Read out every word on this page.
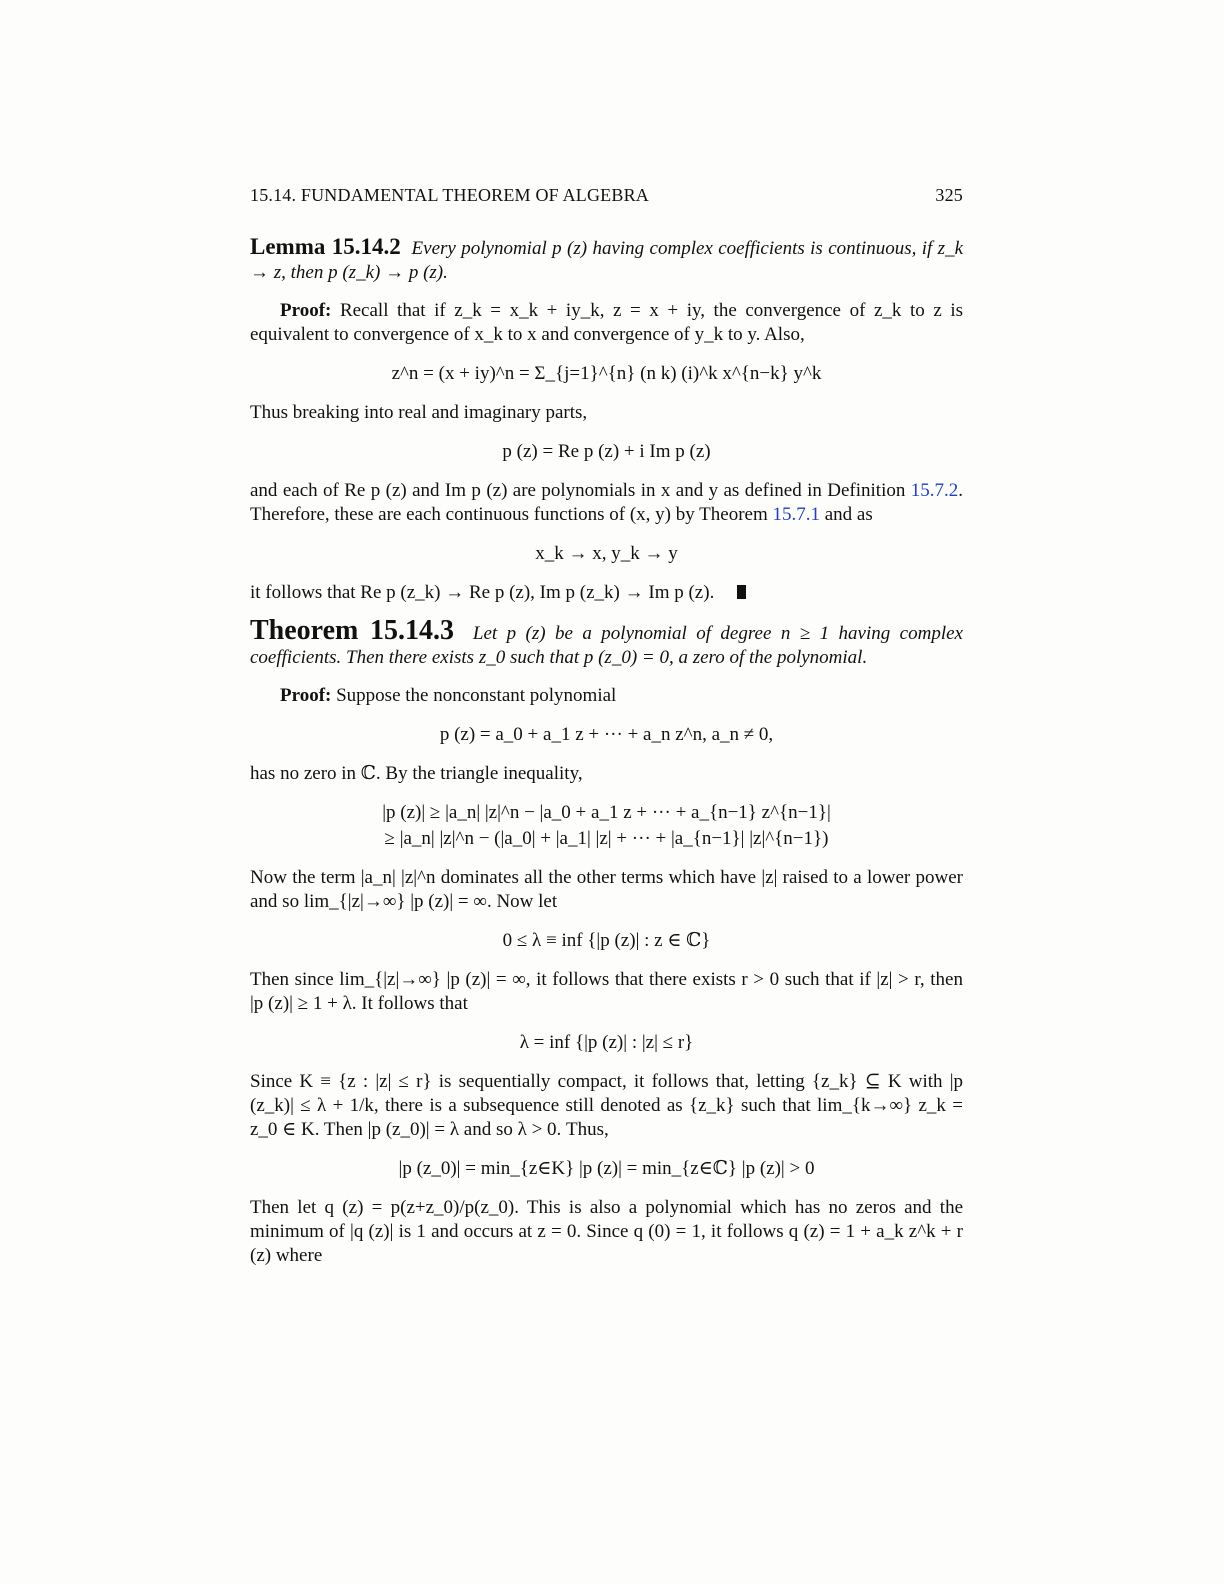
15.14. FUNDAMENTAL THEOREM OF ALGEBRA	325

Lemma 15.14.2 Every polynomial p (z) having complex coefficients is continuous, if z_k → z, then p (z_k) → p (z).

Proof: Recall that if z_k = x_k + iy_k, z = x + iy, the convergence of z_k to z is equivalent to convergence of x_k to x and convergence of y_k to y. Also,

z^n = (x + iy)^n = Σ_{j=1}^{n} (n k) (i)^k x^{n−k} y^k

Thus breaking into real and imaginary parts,

p (z) = Re p (z) + i Im p (z)

and each of Re p (z) and Im p (z) are polynomials in x and y as defined in Definition 15.7.2. Therefore, these are each continuous functions of (x, y) by Theorem 15.7.1 and as

x_k → x, y_k → y

it follows that Re p (z_k) → Re p (z), Im p (z_k) → Im p (z).

Theorem 15.14.3 Let p (z) be a polynomial of degree n ≥ 1 having complex coefficients. Then there exists z_0 such that p (z_0) = 0, a zero of the polynomial.

Proof: Suppose the nonconstant polynomial

p (z) = a_0 + a_1 z + ··· + a_n z^n, a_n ≠ 0,

has no zero in ℂ. By the triangle inequality,

|p (z)| ≥ |a_n| |z|^n − |a_0 + a_1 z + ··· + a_{n−1} z^{n−1}|
≥ |a_n| |z|^n − (|a_0| + |a_1| |z| + ··· + |a_{n−1}| |z|^{n−1})

Now the term |a_n| |z|^n dominates all the other terms which have |z| raised to a lower power and so lim_{|z|→∞} |p (z)| = ∞. Now let

0 ≤ λ ≡ inf {|p (z)| : z ∈ ℂ}

Then since lim_{|z|→∞} |p (z)| = ∞, it follows that there exists r > 0 such that if |z| > r, then |p (z)| ≥ 1 + λ. It follows that

λ = inf {|p (z)| : |z| ≤ r}

Since K ≡ {z : |z| ≤ r} is sequentially compact, it follows that, letting {z_k} ⊆ K with |p (z_k)| ≤ λ + 1/k, there is a subsequence still denoted as {z_k} such that lim_{k→∞} z_k = z_0 ∈ K. Then |p (z_0)| = λ and so λ > 0. Thus,

|p (z_0)| = min_{z∈K} |p (z)| = min_{z∈ℂ} |p (z)| > 0

Then let q (z) = p(z+z_0)/p(z_0). This is also a polynomial which has no zeros and the minimum of |q (z)| is 1 and occurs at z = 0. Since q (0) = 1, it follows q (z) = 1 + a_k z^k + r (z) where
